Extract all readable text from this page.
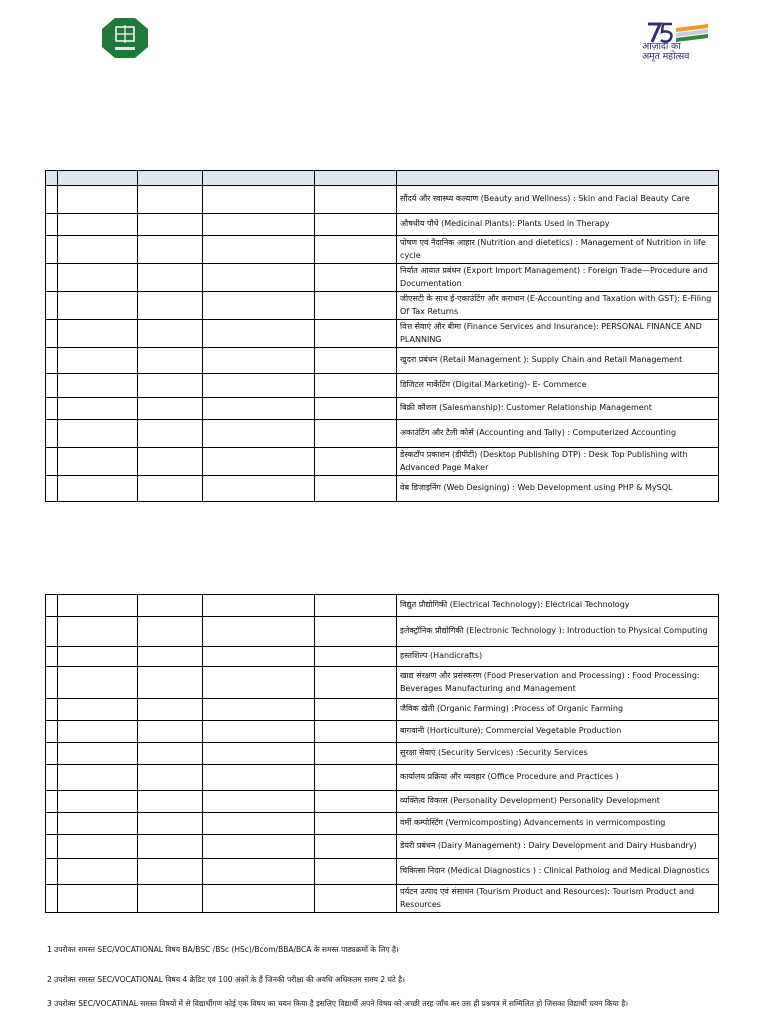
आज़ादी का
अमृत महोत्सव

					सौंदर्य और स्वास्थ्य कल्याण (Beauty and Wellness) : Skin and Facial Beauty Care
					औषधीय पौधे (Medicinal Plants): Plants Used in Therapy
					पोषण एवं नैदानिक आहार (Nutrition and dietetics) : Management of Nutrition in life cycle
					निर्यात आयात प्रबंधन (Export Import Management) : Foreign Trade—Procedure and Documentation
					जीएसटी के साथ ई-एकाउंटिंग और कराधान (E-Accounting and Taxation with GST): E-Filing Of Tax Returns
					वित्त सेवाएं और बीमा (Finance Services and Insurance): PERSONAL FINANCE AND PLANNING
					खुदरा प्रबंधन (Retail Management ): Supply Chain and Retail Management
					डिजिटल मार्केटिंग (Digital Marketing)- E- Commerce
					बिक्री कौशल (Salesmanship): Customer Relationship Management
					अकाउंटिंग और टैली कोर्स (Accounting and Tally) : Computerized Accounting
					डेस्कटॉप प्रकाशन (डीपीटी) (Desktop Publishing DTP) : Desk Top Publishing with Advanced Page Maker
					वेब डिजाइनिंग (Web Designing) : Web Development using PHP & MySQL
					विद्युत प्रौद्योगिकी (Electrical Technology): Electrical Technology
					इलेक्ट्रॉनिक प्रौद्योगिकी (Electronic Technology ): Introduction to Physical Computing
					हस्तशिल्प (Handicrafts)
					खाद्य संरक्षण और प्रसंस्करण (Food Preservation and Processing) : Food Processing: Beverages Manufacturing and Management
					जैविक खेती (Organic Farming) :Process of Organic Farming
					बागवानी (Horticulture): Commercial Vegetable Production
					सुरक्षा सेवाएं (Security Services) :Security Services
					कार्यालय प्रक्रिया और व्यवहार (Office Procedure and Practices )
					व्यक्तित्व विकास (Personality Development) Personality Development
					वर्मी कम्पोस्टिंग (Vermicomposting) Advancements in vermicomposting
					डेयरी प्रबंधन (Dairy Management) : Dairy Development and Dairy Husbandry)
					चिकित्सा निदान (Medical Diagnostics ) : Clinical Patholog and Medical Diagnostics
					पर्यटन उत्पाद एवं संसाधन (Tourism Product and Resources): Tourism Product and Resources
1 उपरोक्त समस्त SEC/VOCATIONAL विषय BA/BSC /BSc (HSc)/Bcom/BBA/BCA के समस्त पाठ्यक्रमों के लिए है।
2 उपरोक्त समस्त SEC/VOCATIONAL विषय 4 क्रेडिट एवं 100 अंकों के हैं जिनकी परीक्षा की अवधि अधिकतम समय 2 घंटे है।
3 उपरोक्त SEC/VOCATINAL समस्त विषयों में से विद्यार्थीगण कोई एक विषय का चयन किया है इसलिए विद्यार्थी अपने विषय को अच्छी तरह जाँच कर उस ही प्रश्नपत्र में सम्मिलित हो जिसका विद्यार्थी चयन किया है।
